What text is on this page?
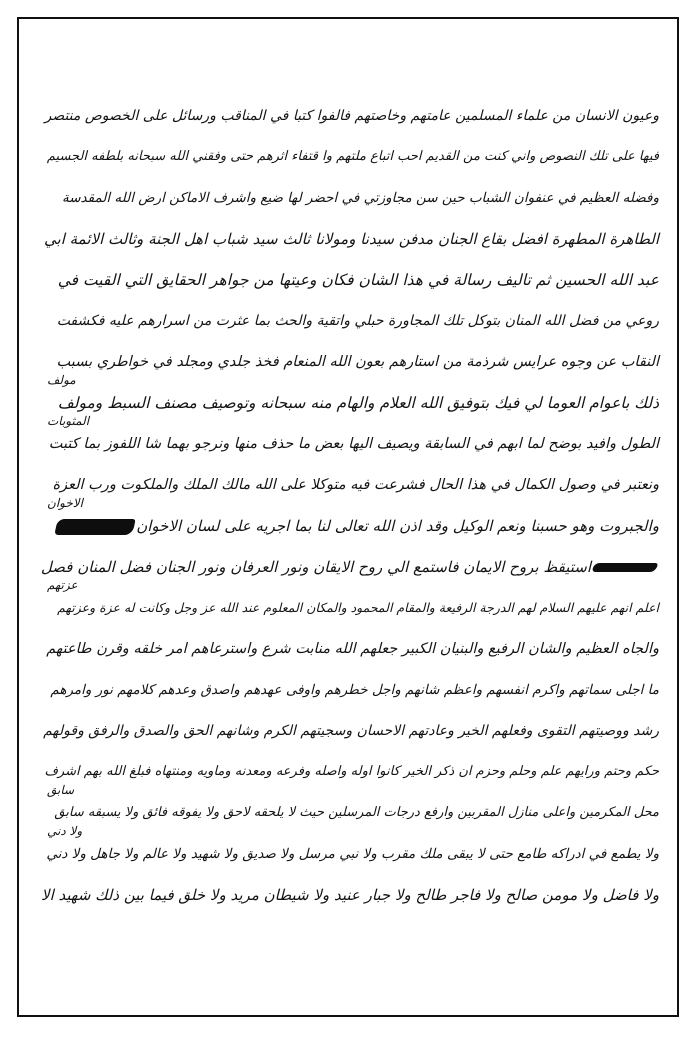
وعيون الانسان من علماء المسلمين عامتهم وخاصتهم فالفوا كتبا في المناقب ورسائل على الخصوص منتصر
فيها على تلك النصوص واني كنت من القديم احب اتباع ملتهم وا قتفاء اثرهم حتى وفقني الله سبحانه بلطفه الجسيم
وفضله العظيم في عنفوان الشباب حين سن مجاوزتي في احضر لها ضيع واشرف الاماكن ارض الله المقدسة
الطاهرة المطهرة افضل بقاع الجنان مدفن سيدنا ومولانا ثالث سيد شباب اهل الجنة وثالث الائمة ابي
عبد الله الحسين ثم تاليف رسالة في هذا الشان فكان وعيتها من جواهر الحقايق التي القيت في
روعي من فضل الله المنان بتوكل تلك المجاورة حبلي واتقية والحث بما عثرت من اسرارهم عليه فكشفت
النقاب عن وجوه عرايس شرذمة من استارهم بعون الله المنعام فخذ جلدي ومجلد في خواطري بسبب
مولف
ذلك باعوام العوما لي فيك بتوفيق الله العلام والهام منه سبحانه وتوصيف مصنف السبط ومولف
المثوبات
الطول وافيد بوضح لما ابهم في السابقة ويصيف اليها بعض ما حذف منها ونرجو بهما شا اللفوز بما كتبت
ونعتبر في وصول الكمال في هذا الحال فشرعت فيه متوكلا على الله مالك الملك والملكوت ورب العزة
الاخوان
والجبروت وهو حسبنا ونعم الوكيل وقد اذن الله تعالى لنا بما اجريه على لسان الاخوان
استيقظ بروح الايمان فاستمع الي روح الايقان ونور العرفان ونور الجنان فضل المنان فصل
عزتهم
اعلم انهم عليهم السلام لهم الدرجة الرفيعة والمقام المحمود والمكان المعلوم عند الله عز وجل وكانت له عزة وعزتهم
والجاه العظيم والشان الرفيع والبنيان الكبير جعلهم الله منابت شرع واسترعاهم امر خلقه وقرن طاعتهم
ما اجلى سماتهم واكرم انفسهم واعظم شانهم واجل خطرهم واوفى عهدهم واصدق وعدهم كلامهم نور وامرهم
رشد ووصيتهم التقوى وفعلهم الخير وعادتهم الاحسان وسجيتهم الكرم وشانهم الحق والصدق والرفق وقولهم
حكم وحتم ورايهم علم وحلم وحزم ان ذكر الخير كانوا اوله واصله وفرعه ومعدنه وماويه ومنتهاه فبلغ الله بهم اشرف
سابق
محل المكرمين واعلى منازل المقربين وارفع درجات المرسلين حيث لا يلحقه لاحق ولا يفوقه فائق ولا يسبقه سابق
ولا دني
ولا يطمع في ادراكه طامع حتى لا يبقى ملك مقرب ولا نبي مرسل ولا صديق ولا شهيد ولا عالم ولا جاهل ولا دني
ولا فاضل ولا مومن صالح ولا فاجر طالح ولا جبار عنيد ولا شيطان مريد ولا خلق فيما بين ذلك شهيد الا
